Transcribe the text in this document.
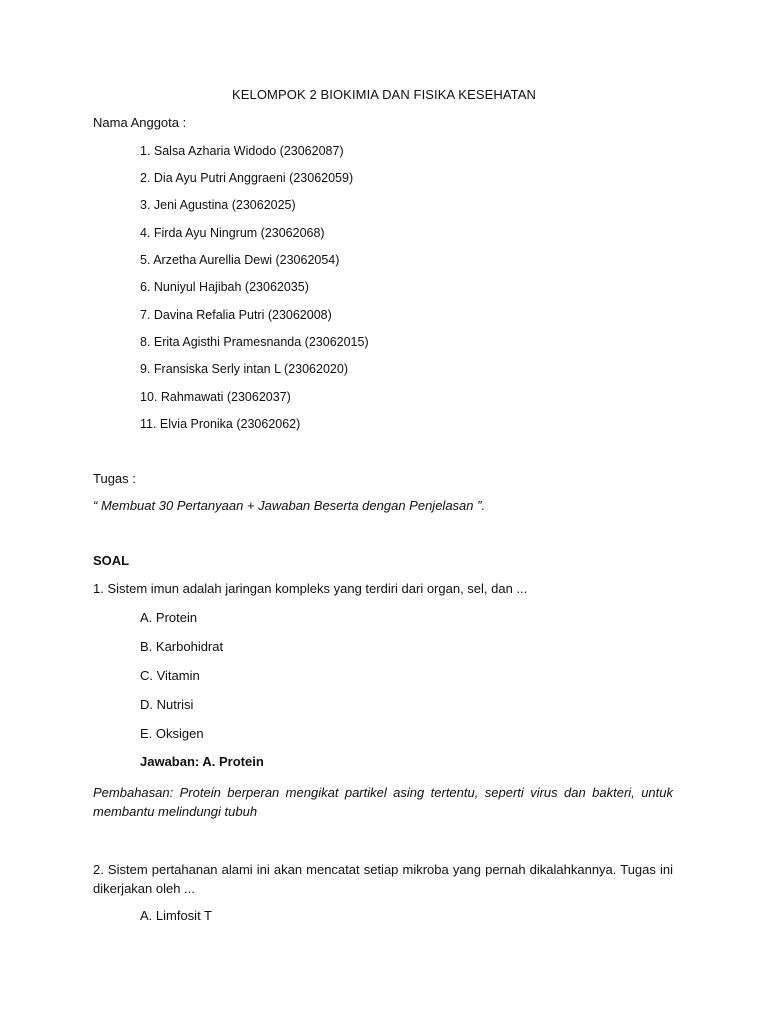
KELOMPOK 2 BIOKIMIA DAN FISIKA KESEHATAN
Nama Anggota :
1. Salsa Azharia Widodo (23062087)
2. Dia Ayu Putri Anggraeni (23062059)
3. Jeni Agustina (23062025)
4. Firda Ayu Ningrum (23062068)
5. Arzetha Aurellia Dewi (23062054)
6. Nuniyul Hajibah (23062035)
7. Davina Refalia Putri (23062008)
8. Erita Agisthi Pramesnanda (23062015)
9. Fransiska Serly intan L (23062020)
10. Rahmawati (23062037)
11. Elvia Pronika (23062062)
Tugas :
“ Membuat 30 Pertanyaan + Jawaban Beserta dengan Penjelasan ”.
SOAL
1. Sistem imun adalah jaringan kompleks yang terdiri dari organ, sel, dan ...
A. Protein
B. Karbohidrat
C. Vitamin
D. Nutrisi
E. Oksigen
Jawaban: A. Protein
Pembahasan: Protein berperan mengikat partikel asing tertentu, seperti virus dan bakteri, untuk membantu melindungi tubuh
2. Sistem pertahanan alami ini akan mencatat setiap mikroba yang pernah dikalahkannya. Tugas ini dikerjakan oleh ...
A. Limfosit T
